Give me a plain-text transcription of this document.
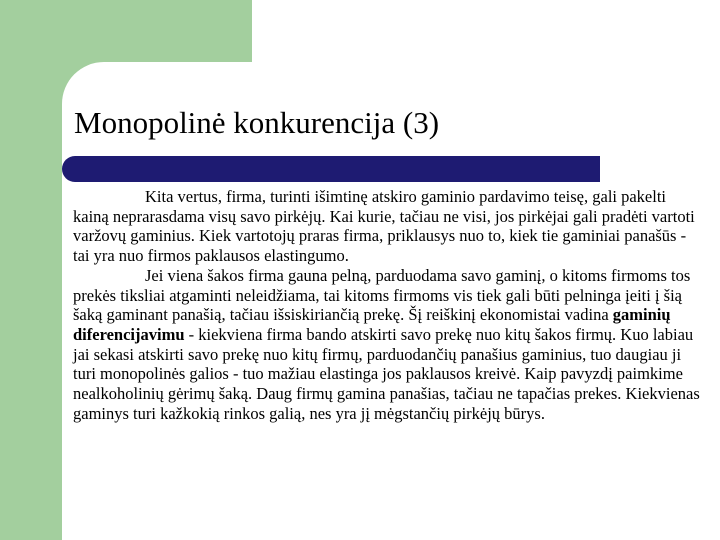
Monopolinė konkurencija (3)

Kita vertus, firma, turinti išimtinę atskiro gaminio pardavimo teisę, gali pakelti kainą neprarasdama visų savo pirkėjų. Kai kurie, tačiau ne visi, jos pirkėjai gali pradėti vartoti varžovų gaminius. Kiek vartotojų praras firma, priklausys nuo to, kiek tie gaminiai panašūs - tai yra nuo firmos paklausos elastingumo.

Jei viena šakos firma gauna pelną, parduodama savo gaminį, o kitoms firmoms tos prekės tiksliai atgaminti neleidžiama, tai kitoms firmoms vis tiek gali būti pelninga įeiti į šią šaką gaminant panašią, tačiau išsiskiriančią prekę. Šį reiškinį ekonomistai vadina gaminių diferencijavimu - kiekviena firma bando atskirti savo prekę nuo kitų šakos firmų. Kuo labiau jai sekasi atskirti savo prekę nuo kitų firmų, parduodančių panašius gaminius, tuo daugiau ji turi monopolinės galios - tuo mažiau elastinga jos paklausos kreivė. Kaip pavyzdį paimkime nealkoholinių gėrimų šaką. Daug firmų gamina panašias, tačiau ne tapačias prekes. Kiekvienas gaminys turi kažkokią rinkos galią, nes yra jį mėgstančių pirkėjų būrys.
